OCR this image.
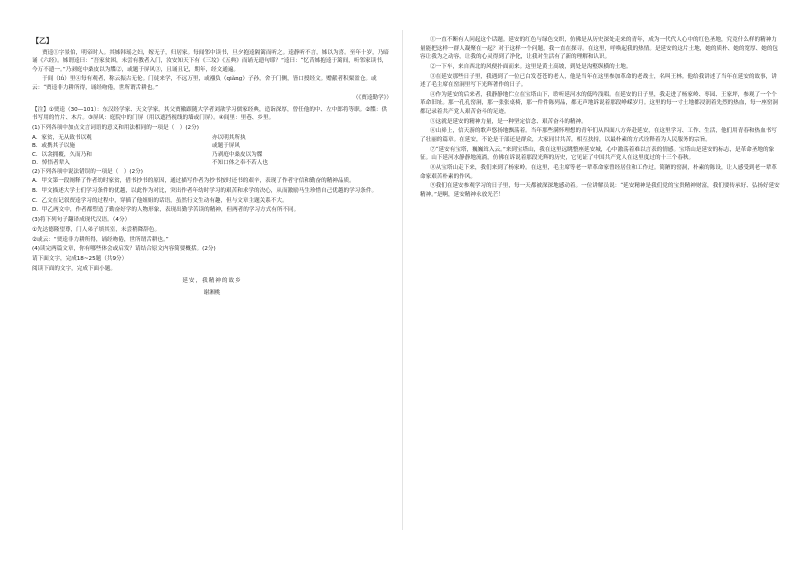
【乙】

贾逵①字景伯，明帝时人。其姊韩瑶之妇，嫁无子，归居家。每闻邻中读书，旦夕抱逵隔篱而听之。逵静听不言，姊以为喜。至年十岁，乃暗诵《六经》。姊谓逵曰：“吾家贫困，未尝有教者入门，汝安知天下有《三坟》《五典》而诵无遗句耶？”逵曰：“忆昔姊抱逵于篱间，听邻家读书，今万不遗一。”乃剥庭中桑皮以为牒②，或题于屏风③，且诵且记，期年，经文通遍。

于闾（lǘ）里④每有观者，称云振古无伦。门徒来学，不远万里，或襁负（qiǎng）子孙，舍于门侧，皆口授经文。赠献者积粟盈仓。或云：“贾逵非力耕所得，诵经吻倦，世所谓舌耕也。”

（《贾逵勤学》）

【注】①贾逵（30—101）：东汉经学家、天文学家。其父贾徽跟随大学者刘歆学习儒家经典，造诣深厚，曾任他的中、左中郎将等职。②牒：供书写用的竹片、木片。③屏风：庭院中的门屏（用以遮挡视线的墙或门屏）。④闾里：里巷、乡里。

(1)下列各项中加点文言词语的意义和用法相同的一项是（　）(2分)

A．家贫，无从致书以观	亦以明其所执
B．或携其子以施	或题于屏风
C．以衾拥覆，久而乃和	乃剥庭中桑皮以为牒
D．悼悟者辈入	不知口体之奉不若人也

(2)下列各项中说法错误的一项是（　）(2分)

A．甲文第一段阐释了作者幼时家贫，借书抄书的原因，通过描写作者为抄书按时还书的艰辛，表现了作者守信和勤奋的精神品质。

B．甲文描述大学士们学习条件的优越，以此作为对比，突出作者年幼时学习的艰苦和求学的决心，从而激励马生珍惜自己优越的学习条件。

C．乙文在记叙贾逵学习的过程中，穿插了他姐姐的话语，虽然行文生动有趣，但与文章主题关系不大。

D．甲乙两文中，作者都塑造了勤奋好学的人物形象，表现出勤学苦读的精神，但两者的学习方式有所不同。

(3)将下列句子翻译成现代汉语。（4分）

①先达德隆望尊，门人弟子填其室，未尝稍降辞色。

②或云：“贾逵非力耕所得，诵经吻倦，世所谓舌耕也。”

(4)读完两篇文章，你有哪些体会或启发？请结合原文内容简要概括。(2分)

请下面文字，完成18~25题（共9分）

阅读下面的文字，完成下面小题。

延安，我精神的故乡
谢湘桃

①一直不断有人问起这个话题。延安的红色与绿色交织，仿佛是从历史深处走来的青年，成为一代代人心中的红色圣地，究竟什么样的精神力量能把这样一群人凝聚在一起？对于这样一个问题，我一直在探寻。在这里，呼唤起我的热情。是延安的这片土地，她的质朴、她的宽厚、她的包容让我为之动容，让我的心灵得到了净化，让我对生活有了新的理解和认识。

②一下车，来自西北的风便扑面而来。这里是黄土高坡，到处是沟壑纵横的土地。

③在延安那些日子里，我遇到了一位已白发苍苍的老人，他是当年在这里参加革命的老战士，名叫王林。他给我讲述了当年在延安的故事，讲述了毛主席在窑洞里写下光辉著作的日子。

④作为延安的后来者，我静静地伫立在宝塔山下，聆听延河水的低吟浅唱。在延安的日子里，我走进了杨家岭、枣园、王家坪，参观了一个个革命旧址。那一孔孔窑洞，那一张张桌椅，那一件件陈列品，都无声地诉说着那段峥嵘岁月。这里的每一寸土地都浸润着先烈的热血，每一座窑洞都记录着共产党人艰苦奋斗的足迹。

⑤这就是延安的精神力量，是一种坚定信念、艰苦奋斗的精神。

⑥山峁上，信天游的歌声悠扬地飘荡着。当年那些满怀理想的青年们从四面八方奔赴延安，在这里学习、工作、生活，他们用青春和热血书写了壮丽的篇章。在延安，不论是干部还是群众，大家同甘共苦，相互扶持，以最朴素的方式诠释着为人民服务的宗旨。

⑦“延安有宝塔，巍巍耸入云。”来到宝塔山，我在这里远眺整座延安城，心中激荡着难以言表的情感。宝塔山是延安的标志，是革命圣地的象征。山下延河水静静地流淌，仿佛在诉说着那段光辉的历史，它见证了中国共产党人在这里度过的十三个春秋。

⑧从宝塔山走下来，我们来到了杨家岭。在这里，毛主席等老一辈革命家曾经居住和工作过。简陋的窑洞，朴素的陈设，让人感受到老一辈革命家艰苦朴素的作风。

⑨我们在延安参观学习的日子里，每一天都被深深地感动着。一位讲解员说：“延安精神是我们党的宝贵精神财富，我们要传承好、弘扬好延安精神。”是啊，延安精神永放光芒！
